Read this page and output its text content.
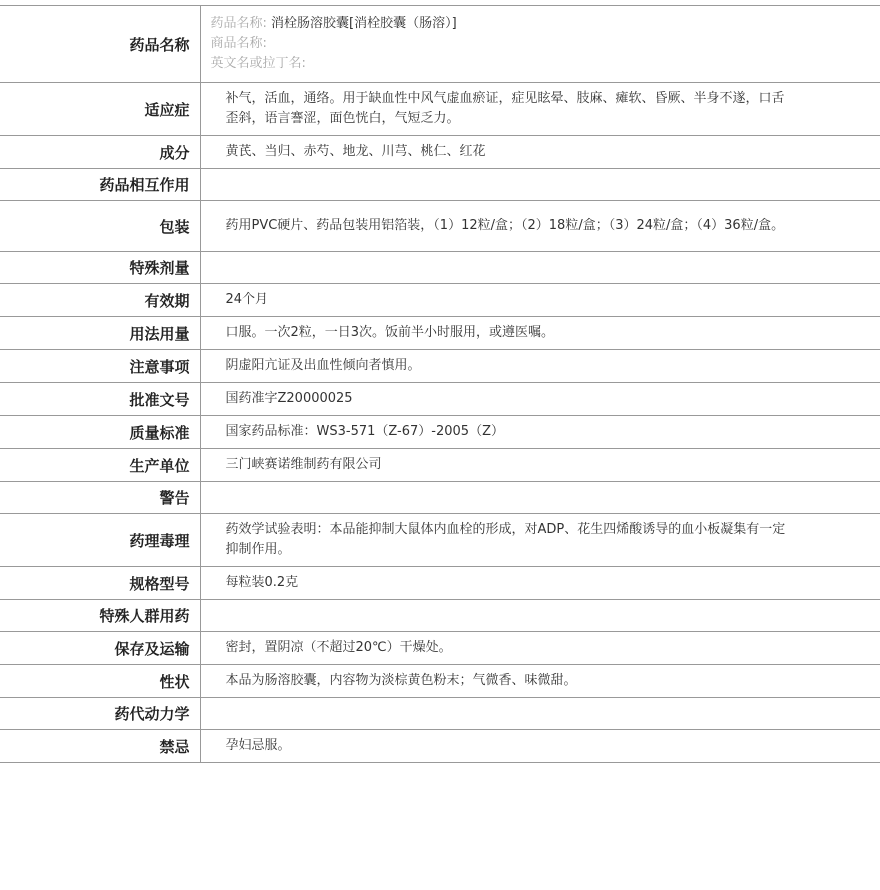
药品名称	药品名称: 消栓肠溶胶囊[消栓胶囊（肠溶）]
商品名称:
英文名或拉丁名:

适应症	补气，活血，通络。用于缺血性中风气虚血瘀证，症见眩晕、肢麻、瘫软、昏厥、半身不遂，口舌歪斜，语言謇涩，面色恍白，气短乏力。
成分	黄芪、当归、赤芍、地龙、川芎、桃仁、红花
药品相互作用	
包装	药用PVC硬片、药品包装用铝箔装，（1）12粒/盒；（2）18粒/盒；（3）24粒/盒；（4）36粒/盒。
特殊剂量	
有效期	24个月
用法用量	口服。一次2粒，一日3次。饭前半小时服用，或遵医嘱。
注意事项	阴虚阳亢证及出血性倾向者慎用。
批准文号	国药准字Z20000025
质量标准	国家药品标准：WS3-571（Z-67）-2005（Z）
生产单位	三门峡赛诺维制药有限公司
警告	
药理毒理	药效学试验表明：本品能抑制大鼠体内血栓的形成，对ADP、花生四烯酸诱导的血小板凝集有一定抑制作用。
规格型号	每粒装0.2克
特殊人群用药	
保存及运输	密封，置阴凉（不超过20℃）干燥处。
性状	本品为肠溶胶囊，内容物为淡棕黄色粉末；气微香、味微甜。
药代动力学	
禁忌	孕妇忌服。
